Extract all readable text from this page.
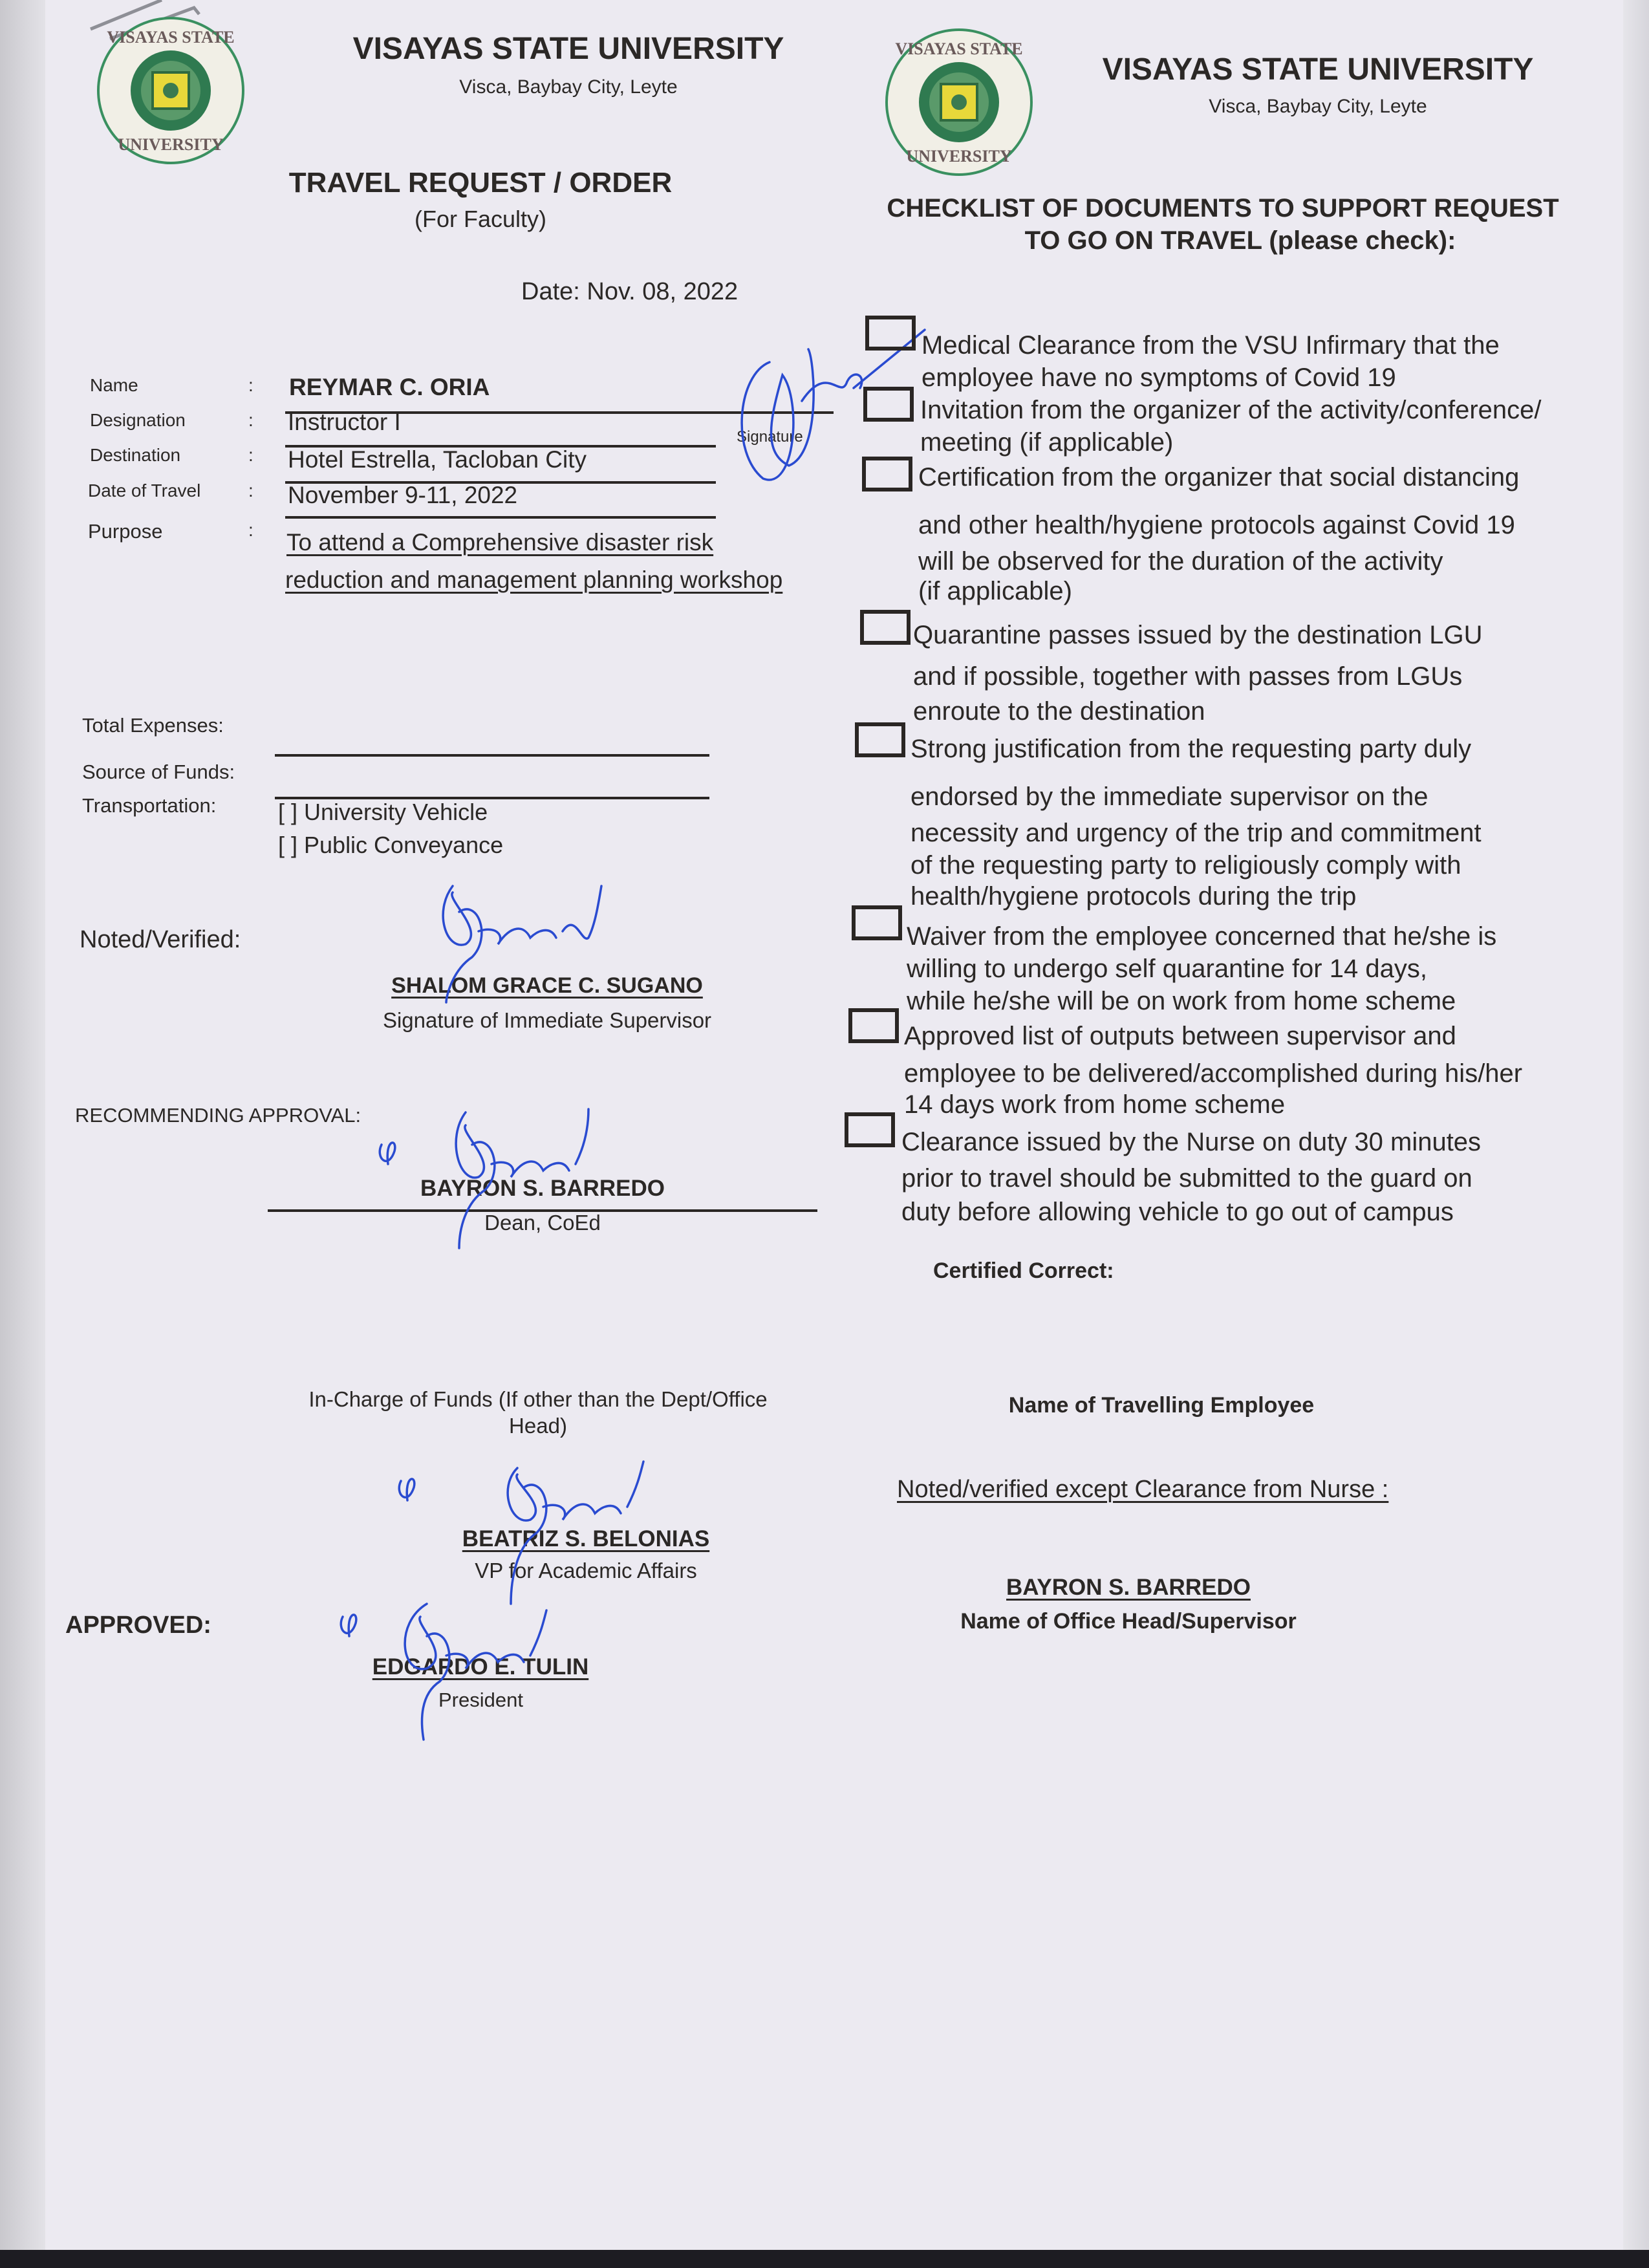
VISAYAS STATE
UNIVERSITY
VISAYAS STATE
UNIVERSITY
VISAYAS STATE UNIVERSITY
Visca, Baybay City, Leyte
TRAVEL REQUEST / ORDER
(For Faculty)
Date: Nov. 08, 2022
Name	: REYMAR C. ORIA
Designation	: Instructor I
Destination	: Hotel Estrella, Tacloban City
Date of Travel	: November 9-11, 2022
Purpose	: To attend a Comprehensive disaster risk
reduction and management planning workshop
Signature
Total Expenses:
Source of Funds:
Transportation:	[ ] University Vehicle
[ ] Public Conveyance
Noted/Verified:
SHALOM GRACE C. SUGANO
Signature of Immediate Supervisor
RECOMMENDING APPROVAL:
BAYRON S. BARREDO
Dean, CoEd
In-Charge of Funds (If other than the Dept/Office
Head)
BEATRIZ S. BELONIAS
VP for Academic Affairs
APPROVED:
EDGARDO E. TULIN
President
VISAYAS STATE UNIVERSITY
Visca, Baybay City, Leyte
CHECKLIST OF DOCUMENTS TO SUPPORT REQUEST
TO GO ON TRAVEL (please check):
Medical Clearance from the VSU Infirmary that the
employee have no symptoms of Covid 19
Invitation from the organizer of the activity/conference/
meeting (if applicable)
Certification from the organizer that social distancing
and other health/hygiene protocols against Covid 19
will be observed for the duration of the activity
(if applicable)
Quarantine passes issued by the destination LGU
and if possible, together with passes from LGUs
enroute to the destination
Strong justification from the requesting party duly
endorsed by the immediate supervisor on the
necessity and urgency of the trip and commitment
of the requesting party to religiously comply with
health/hygiene protocols during the trip
Waiver from the employee concerned that he/she is
willing to undergo self quarantine for 14 days,
while he/she will be on work from home scheme
Approved list of outputs between supervisor and
employee to be delivered/accomplished during his/her
14 days work from home scheme
Clearance issued by the Nurse on duty 30 minutes
prior to travel should be submitted to the guard on
duty before allowing vehicle to go out of campus
Certified Correct:
Name of Travelling Employee
Noted/verified except Clearance from Nurse :
BAYRON S. BARREDO
Name of Office Head/Supervisor
